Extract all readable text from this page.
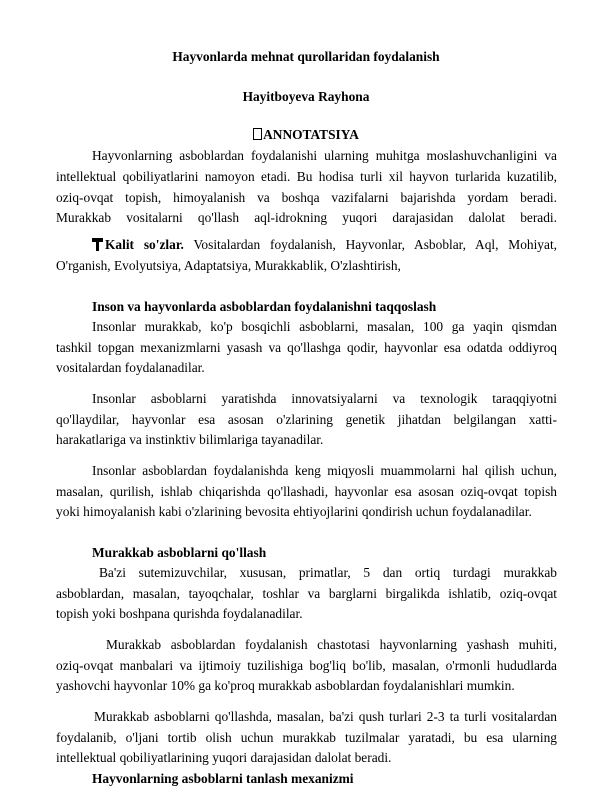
Hayvonlarda mehnat qurollaridan foydalanish
Hayitboyeva Rayhona
ANNOTATSIYA
Hayvonlarning asboblardan foydalanishi ularning muhitga moslashuvchanligini va
intellektual qobiliyatlarini namoyon etadi. Bu hodisa turli xil hayvon turlarida kuzatilib,
oziq-ovqat topish, himoyalanish va boshqa vazifalarni bajarishda yordam beradi.
Murakkab vositalarni qo'llash aql-idrokning yuqori darajasidan dalolat beradi.
Kalit so'zlar. Vositalardan foydalanish, Hayvonlar, Asboblar, Aql, Mohiyat,
O'rganish, Evolyutsiya, Adaptatsiya, Murakkablik, O'zlashtirish,
Inson va hayvonlarda asboblardan foydalanishni taqqoslash
Insonlar murakkab, ko'p bosqichli asboblarni, masalan, 100 ga yaqin qismdan
tashkil topgan mexanizmlarni yasash va qo'llashga qodir, hayvonlar esa odatda oddiyroq
vositalardan foydalanadilar.
Insonlar asboblarni yaratishda innovatsiyalarni va texnologik taraqqiyotni
qo'llaydilar, hayvonlar esa asosan o'zlarining genetik jihatdan belgilangan xatti-
harakatlariga va instinktiv bilimlariga tayanadilar.
Insonlar asboblardan foydalanishda keng miqyosli muammolarni hal qilish uchun,
masalan, qurilish, ishlab chiqarishda qo'llashadi, hayvonlar esa asosan oziq-ovqat topish
yoki himoyalanish kabi o'zlarining bevosita ehtiyojlarini qondirish uchun foydalanadilar.
Murakkab asboblarni qo'llash
Ba'zi sutemizuvchilar, xususan, primatlar, 5 dan ortiq turdagi murakkab
asboblardan, masalan, tayoqchalar, toshlar va barglarni birgalikda ishlatib, oziq-ovqat
topish yoki boshpana qurishda foydalanadilar.
Murakkab asboblardan foydalanish chastotasi hayvonlarning yashash muhiti,
oziq-ovqat manbalari va ijtimoiy tuzilishiga bog'liq bo'lib, masalan, o'rmonli hududlarda
yashovchi hayvonlar 10% ga ko'proq murakkab asboblardan foydalanishlari mumkin.
Murakkab asboblarni qo'llashda, masalan, ba'zi qush turlari 2-3 ta turli vositalardan
foydalanib, o'ljani tortib olish uchun murakkab tuzilmalar yaratadi, bu esa ularning
intellektual qobiliyatlarining yuqori darajasidan dalolat beradi.
Hayvonlarning asboblarni tanlash mexanizmi
